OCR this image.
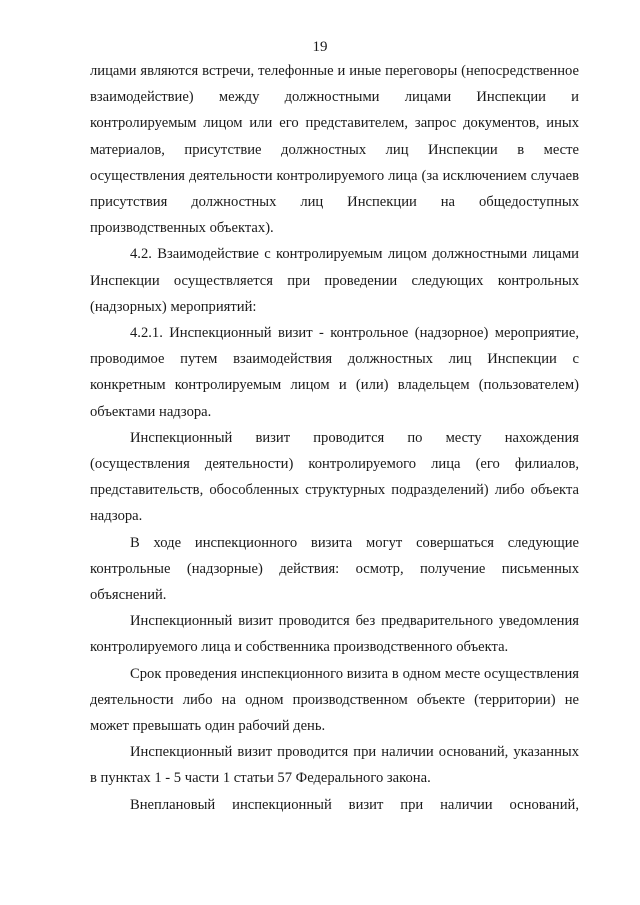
19

лицами являются встречи, телефонные и иные переговоры (непосредственное взаимодействие) между должностными лицами Инспекции и контролируемым лицом или его представителем, запрос документов, иных материалов, присутствие должностных лиц Инспекции в месте осуществления деятельности контролируемого лица (за исключением случаев присутствия должностных лиц Инспекции на общедоступных производственных объектах).

4.2. Взаимодействие с контролируемым лицом должностными лицами Инспекции осуществляется при проведении следующих контрольных (надзорных) мероприятий:

4.2.1. Инспекционный визит - контрольное (надзорное) мероприятие, проводимое путем взаимодействия должностных лиц Инспекции с конкретным контролируемым лицом и (или) владельцем (пользователем) объектами надзора.

Инспекционный визит проводится по месту нахождения (осуществления деятельности) контролируемого лица (его филиалов, представительств, обособленных структурных подразделений) либо объекта надзора.

В ходе инспекционного визита могут совершаться следующие контрольные (надзорные) действия: осмотр, получение письменных объяснений.

Инспекционный визит проводится без предварительного уведомления контролируемого лица и собственника производственного объекта.

Срок проведения инспекционного визита в одном месте осуществления деятельности либо на одном производственном объекте (территории) не может превышать один рабочий день.

Инспекционный визит проводится при наличии оснований, указанных в пунктах 1 - 5 части 1 статьи 57 Федерального закона.

Внеплановый инспекционный визит при наличии оснований,
